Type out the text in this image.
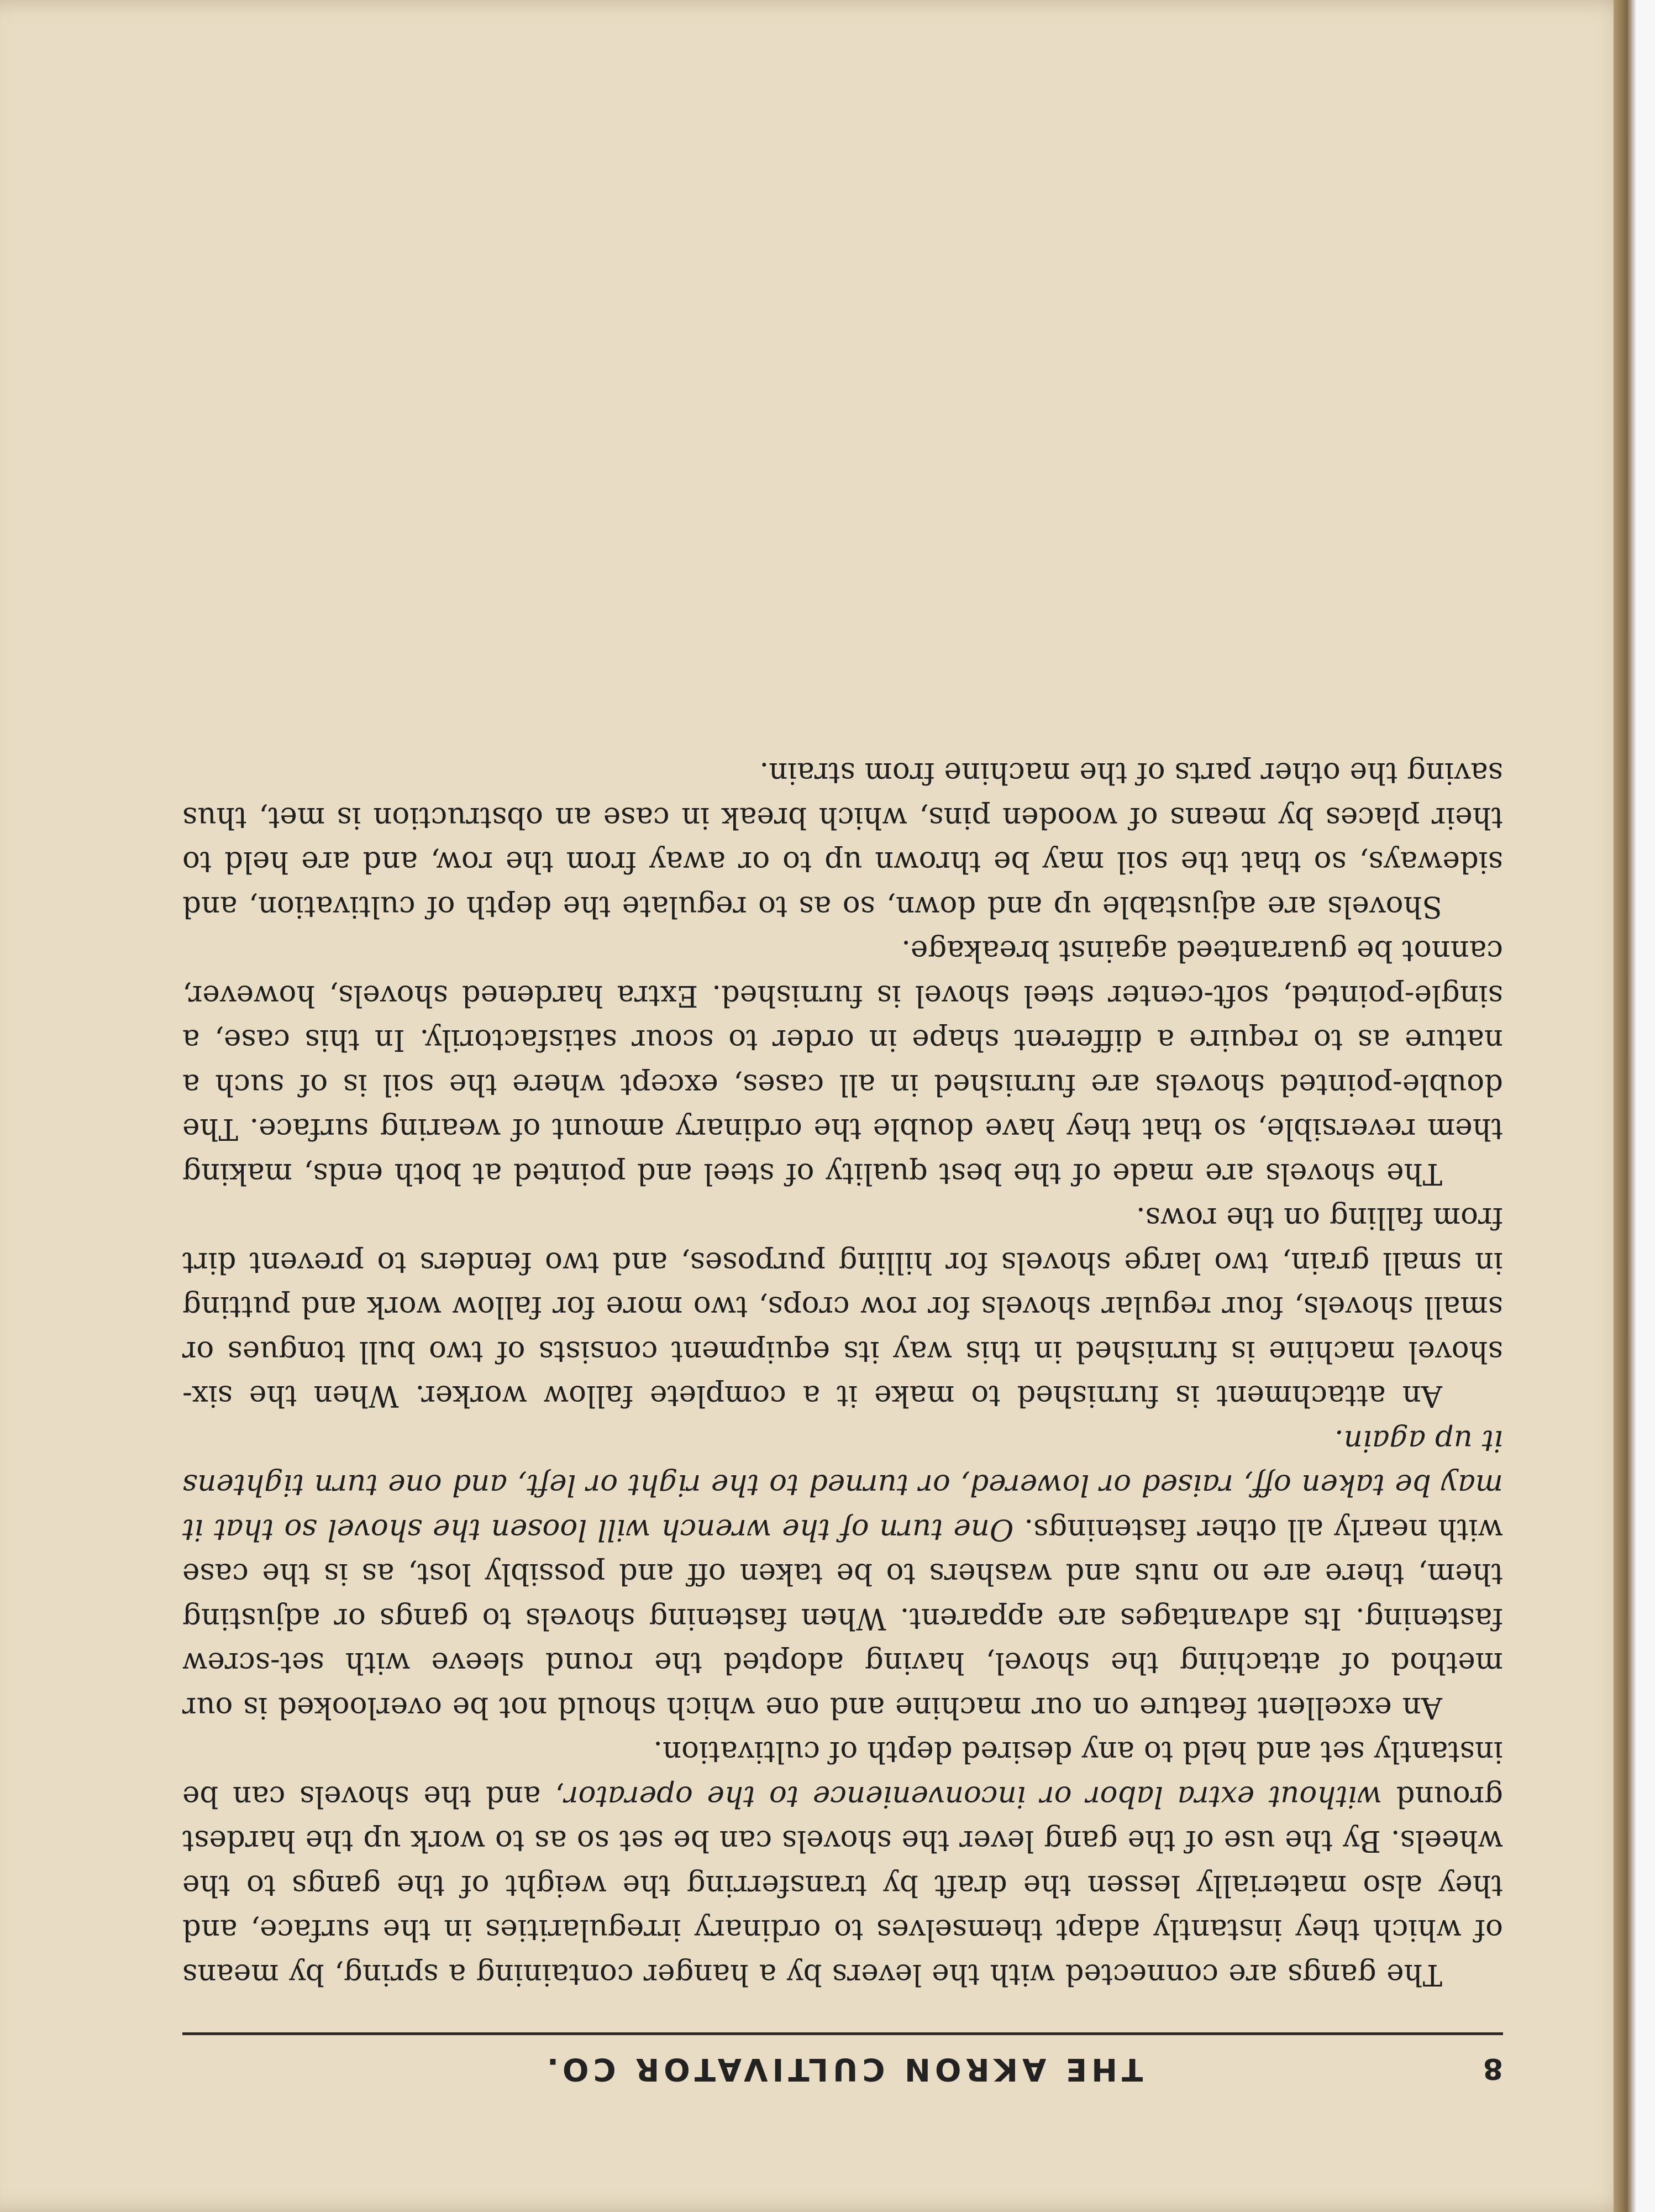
8
THE AKRON CULTIVATOR CO.

The gangs are connected with the levers by a hanger containing a spring, by means of which they instantly adapt themselves to ordinary irregularities in the surface, and they also materially lessen the draft by transferring the weight of the gangs to the wheels. By the use of the gang lever the shovels can be set so as to work up the hardest ground without extra labor or inconvenience to the operator, and the shovels can be instantly set and held to any desired depth of cultivation.

An excellent feature on our machine and one which should not be overlooked is our method of attaching the shovel, having adopted the round sleeve with set-screw fastening. Its advantages are apparent. When fastening shovels to gangs or adjusting them, there are no nuts and washers to be taken off and possibly lost, as is the case with nearly all other fastenings. One turn of the wrench will loosen the shovel so that it may be taken off, raised or lowered, or turned to the right or left, and one turn tightens it up again.

An attachment is furnished to make it a complete fallow worker. When the six-shovel machine is furnished in this way its equipment consists of two bull tongues or small shovels, four regular shovels for row crops, two more for fallow work and putting in small grain, two large shovels for hilling purposes, and two fenders to prevent dirt from falling on the rows.

The shovels are made of the best quality of steel and pointed at both ends, making them reversible, so that they have double the ordinary amount of wearing surface. The double-pointed shovels are furnished in all cases, except where the soil is of such a nature as to require a different shape in order to scour satisfactorily. In this case, a single-pointed, soft-center steel shovel is furnished. Extra hardened shovels, however, cannot be guaranteed against breakage.

Shovels are adjustable up and down, so as to regulate the depth of cultivation, and sideways, so that the soil may be thrown up to or away from the row, and are held to their places by means of wooden pins, which break in case an obstruction is met, thus saving the other parts of the machine from strain.
